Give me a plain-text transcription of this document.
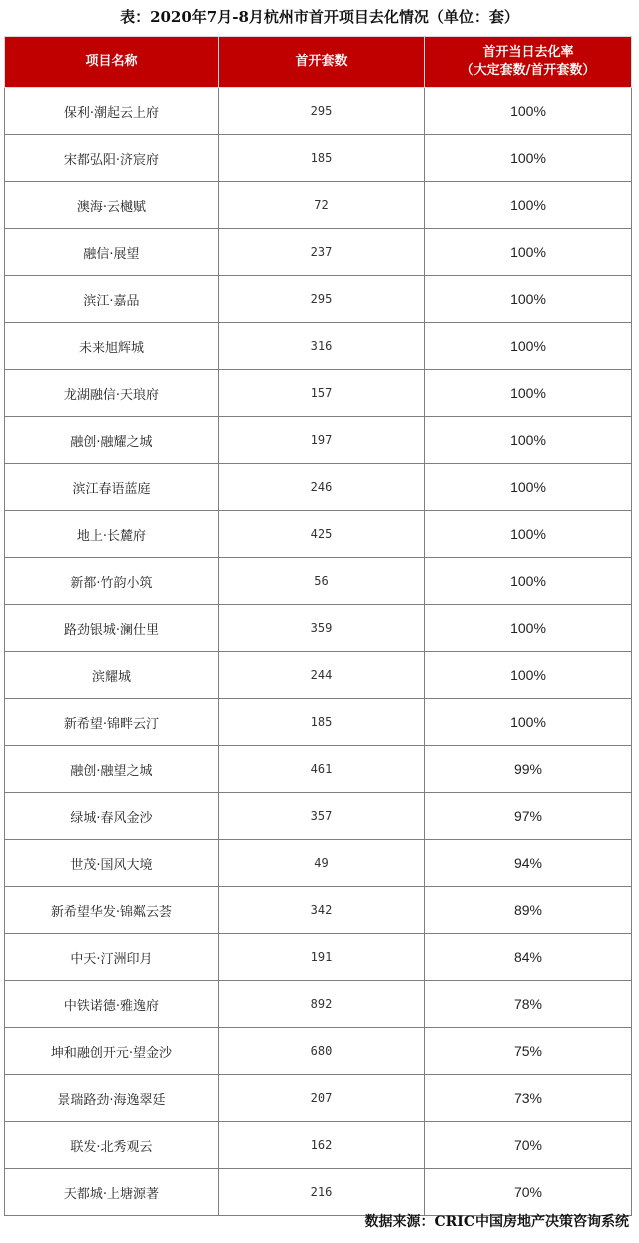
表：2020年7月-8月杭州市首开项目去化情况（单位：套）
项目名称	首开套数	首开当日去化率
（大定套数/首开套数）

保利·潮起云上府	295	100%
宋都弘阳·济宸府	185	100%
澳海·云樾赋	72	100%
融信·展望	237	100%
滨江·嘉品	295	100%
未来旭辉城	316	100%
龙湖融信·天琅府	157	100%
融创·融耀之城	197	100%
滨江春语蓝庭	246	100%
地上·长麓府	425	100%
新都·竹韵小筑	56	100%
路劲银城·澜仕里	359	100%
滨耀城	244	100%
新希望·锦畔云汀	185	100%
融创·融望之城	461	99%
绿城·春风金沙	357	97%
世茂·国风大境	49	94%
新希望华发·锦粼云荟	342	89%
中天·汀洲印月	191	84%
中铁诺德·雅逸府	892	78%
坤和融创开元·望金沙	680	75%
景瑞路劲·海逸翠廷	207	73%
联发·北秀观云	162	70%
天都城·上塘源著	216	70%
数据来源：CRIC中国房地产决策咨询系统
